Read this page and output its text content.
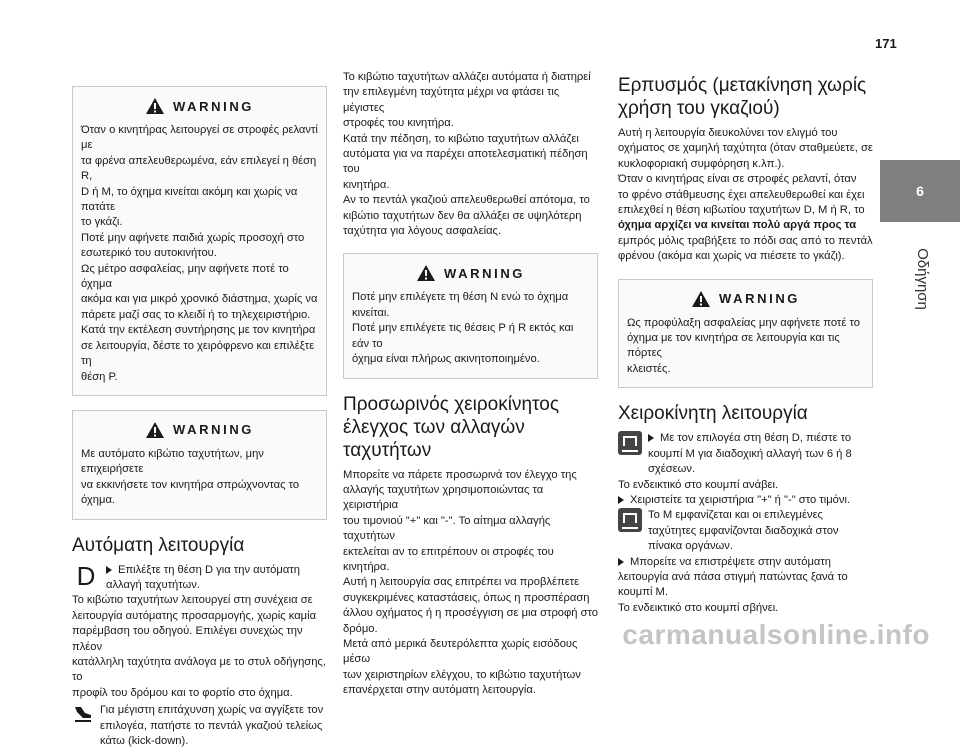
171
6
Οδήγηση
WARNING

Όταν ο κινητήρας λειτουργεί σε στροφές ρελαντί με

τα φρένα απελευθερωμένα, εάν επιλεγεί η θέση R,

D ή M, το όχημα κινείται ακόμη και χωρίς να πατάτε

το γκάζι.

Ποτέ μην αφήνετε παιδιά χωρίς προσοχή στο

εσωτερικό του αυτοκινήτου.

Ως μέτρο ασφαλείας, μην αφήνετε ποτέ το όχημα

ακόμα και για μικρό χρονικό διάστημα, χωρίς να

πάρετε μαζί σας το κλειδί ή το τηλεχειριστήριο.

Κατά την εκτέλεση συντήρησης με τον κινητήρα

σε λειτουργία, δέστε το χειρόφρενο και επιλέξτε τη

θέση P.

WARNING

Με αυτόματο κιβώτιο ταχυτήτων, μην επιχειρήσετε

να εκκινήσετε τον κινητήρα σπρώχνοντας το όχημα.

Αυτόματη λειτουργία
D	Επιλέξτε τη θέση D για την αυτόματη αλλαγή ταχυτήτων.

Το κιβώτιο ταχυτήτων λειτουργεί στη συνέχεια σε

λειτουργία αυτόματης προσαρμογής, χωρίς καμία

παρέμβαση του οδηγού. Επιλέγει συνεχώς την πλέον

κατάλληλη ταχύτητα ανάλογα με το στυλ οδήγησης, το

προφίλ του δρόμου και το φορτίο στο όχημα.

Για μέγιστη επιτάχυνση χωρίς να αγγίξετε τον επιλογέα, πατήστε το πεντάλ γκαζιού τελείως κάτω (kick-down).

Το κιβώτιο ταχυτήτων αλλάζει αυτόματα ή διατηρεί

την επιλεγμένη ταχύτητα μέχρι να φτάσει τις μέγιστες

στροφές του κινητήρα.

Κατά την πέδηση, το κιβώτιο ταχυτήτων αλλάζει

αυτόματα για να παρέχει αποτελεσματική πέδηση του

κινητήρα.

Αν το πεντάλ γκαζιού απελευθερωθεί απότομα, το

κιβώτιο ταχυτήτων δεν θα αλλάξει σε υψηλότερη

ταχύτητα για λόγους ασφαλείας.

WARNING

Ποτέ μην επιλέγετε τη θέση N ενώ το όχημα κινείται.

Ποτέ μην επιλέγετε τις θέσεις P ή R εκτός και εάν το

όχημα είναι πλήρως ακινητοποιημένο.

Προσωρινός χειροκίνητος έλεγχος των αλλαγών ταχυτήτων

Μπορείτε να πάρετε προσωρινά τον έλεγχο της

αλλαγής ταχυτήτων χρησιμοποιώντας τα χειριστήρια

του τιμονιού "+" και "-". Το αίτημα αλλαγής ταχυτήτων

εκτελείται αν το επιτρέπουν οι στροφές του κινητήρα.

Αυτή η λειτουργία σας επιτρέπει να προβλέπετε

συγκεκριμένες καταστάσεις, όπως η προσπέραση

άλλου οχήματος ή η προσέγγιση σε μια στροφή στο

δρόμο.

Μετά από μερικά δευτερόλεπτα χωρίς εισόδους μέσω

των χειριστηρίων ελέγχου, το κιβώτιο ταχυτήτων

επανέρχεται στην αυτόματη λειτουργία.

Ερπυσμός (μετακίνηση χωρίς χρήση του γκαζιού)

Αυτή η λειτουργία διευκολύνει τον ελιγμό του

οχήματος σε χαμηλή ταχύτητα (όταν σταθμεύετε, σε

κυκλοφοριακή συμφόρηση κ.λπ.).

Όταν ο κινητήρας είναι σε στροφές ρελαντί, όταν

το φρένο στάθμευσης έχει απελευθερωθεί και έχει

επιλεχθεί η θέση κιβωτίου ταχυτήτων D, M ή R, το

όχημα αρχίζει να κινείται πολύ αργά προς τα

εμπρός μόλις τραβήξετε το πόδι σας από το πεντάλ

φρένου (ακόμα και χωρίς να πιέσετε το γκάζι).

WARNING

Ως προφύλαξη ασφαλείας μην αφήνετε ποτέ το

όχημα με τον κινητήρα σε λειτουργία και τις πόρτες

κλειστές.

Χειροκίνητη λειτουργία

Με τον επιλογέα στη θέση D, πιέστε το κουμπί M για διαδοχική αλλαγή των 6 ή 8 σχέσεων.

Το ενδεικτικό στο κουμπί ανάβει.

Χειριστείτε τα χειριστήρια "+" ή "-" στο τιμόνι.

Το M εμφανίζεται και οι επιλεγμένες ταχύτητες εμφανίζονται διαδοχικά στον πίνακα οργάνων.

Μπορείτε να επιστρέψετε στην αυτόματη λειτουργία ανά πάσα στιγμή πατώντας ξανά το κουμπί M.

Το ενδεικτικό στο κουμπί σβήνει.

carmanualsonline.info
